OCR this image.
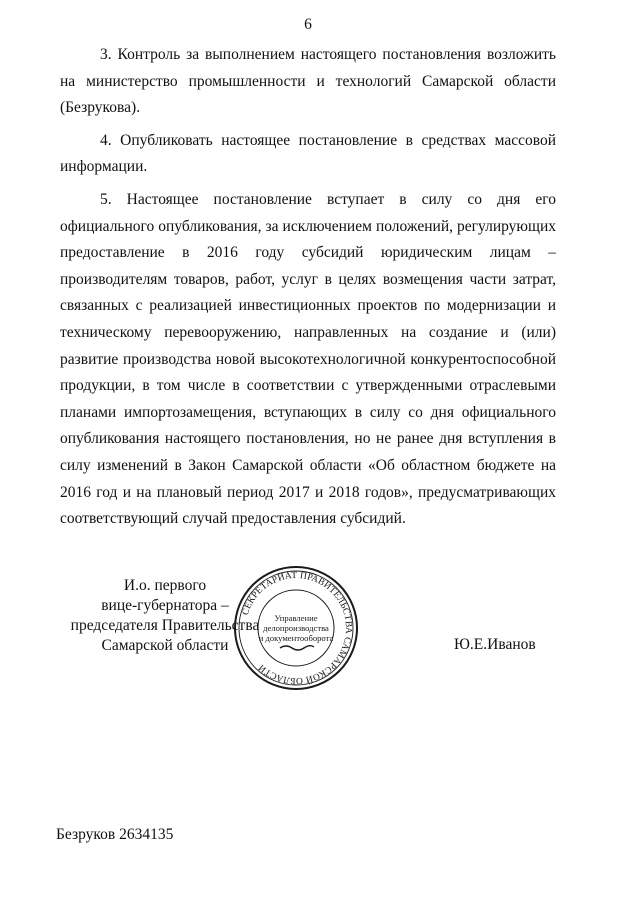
6

3. Контроль за выполнением настоящего постановления возложить на министерство промышленности и технологий Самарской области (Безрукова).

4. Опубликовать настоящее постановление в средствах массовой информации.

5. Настоящее постановление вступает в силу со дня его официального опубликования, за исключением положений, регулирующих предоставление в 2016 году субсидий юридическим лицам – производителям товаров, работ, услуг в целях возмещения части затрат, связанных с реализацией инвестиционных проектов по модернизации и техническому перевооружению, направленных на создание и (или) развитие производства новой высокотехнологичной конкурентоспособной продукции, в том числе в соответствии с утвержденными отраслевыми планами импортозамещения, вступающих в силу со дня официального опубликования настоящего постановления, но не ранее дня вступления в силу изменений в Закон Самарской области «Об областном бюджете на 2016 год и на плановый период 2017 и 2018 годов», предусматривающих соответствующий случай предоставления субсидий.

И.о. первого
вице-губернатора –
председателя Правительства
Самарской области
СЕКРЕТАРИАТ ПРАВИТЕЛЬСТВА САМАРСКОЙ ОБЛАСТИ
Управление
делопроизводства
и документооборота	Ю.Е.Иванов
Безруков 2634135
